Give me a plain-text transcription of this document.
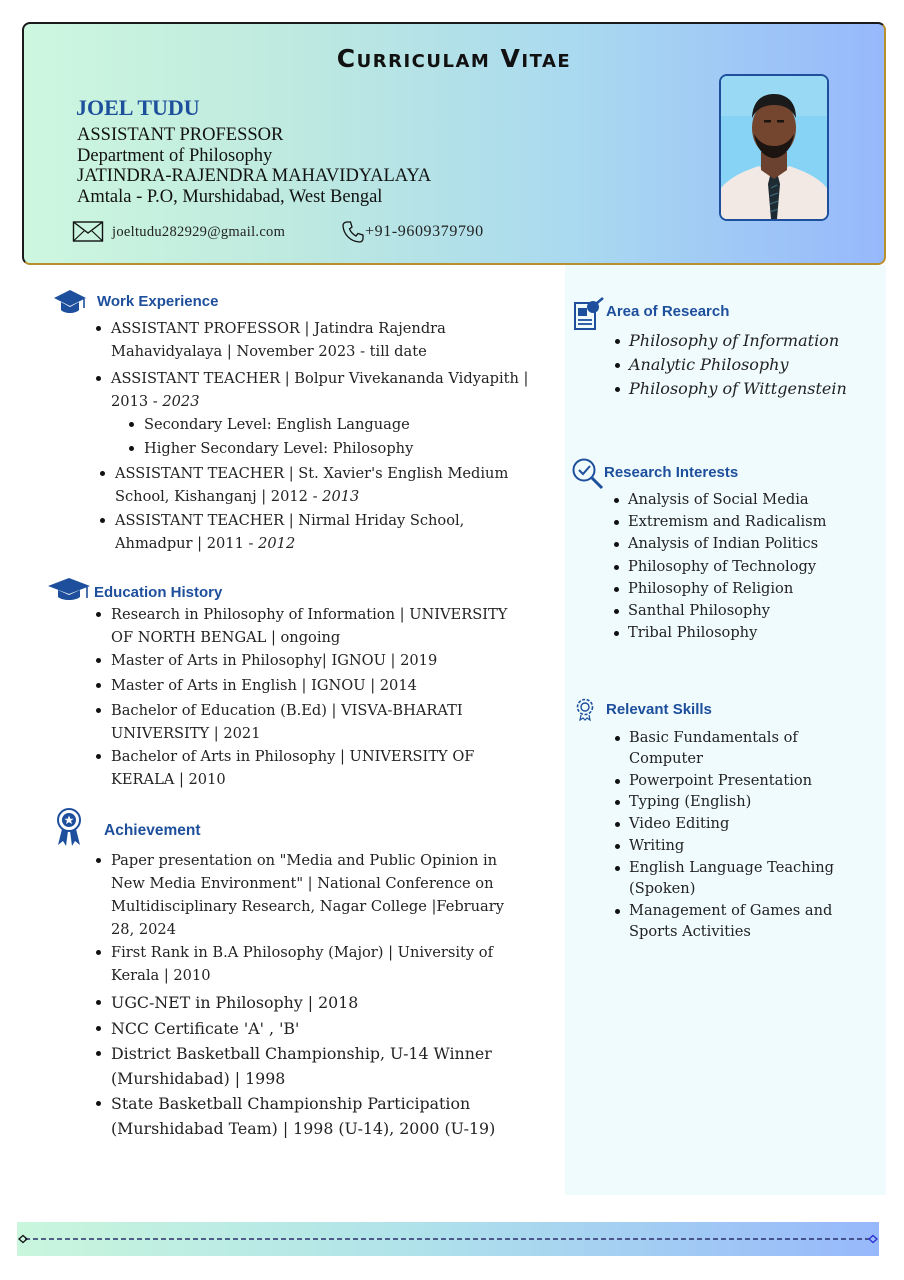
Curriculam Vitae
JOEL TUDU
ASSISTANT PROFESSOR
Department of Philosophy
JATINDRA-RAJENDRA MAHAVIDYALAYA
Amtala - P.O, Murshidabad, West Bengal
joeltudu282929@gmail.com	+91-9609379790
Work Experience
ASSISTANT PROFESSOR | Jatindra Rajendra
Mahavidyalaya | November 2023 - till date
ASSISTANT TEACHER | Bolpur Vivekananda Vidyapith |
2013 - 2023
Secondary Level: English Language
Higher Secondary Level: Philosophy
ASSISTANT TEACHER | St. Xavier's English Medium
School, Kishanganj | 2012 - 2013
ASSISTANT TEACHER | Nirmal Hriday School,
Ahmadpur | 2011 - 2012
Education History
Research in Philosophy of Information | UNIVERSITY
OF NORTH BENGAL | ongoing
Master of Arts in Philosophy| IGNOU | 2019
Master of Arts in English | IGNOU | 2014
Bachelor of Education (B.Ed) | VISVA-BHARATI
UNIVERSITY | 2021
Bachelor of Arts in Philosophy | UNIVERSITY OF
KERALA | 2010
Achievement
Paper presentation on "Media and Public Opinion in
New Media Environment" | National Conference on
Multidisciplinary Research, Nagar College |February
28, 2024
First Rank in B.A Philosophy (Major) | University of
Kerala | 2010
UGC-NET in Philosophy | 2018
NCC Certificate 'A' , 'B'
District Basketball Championship, U-14 Winner
(Murshidabad) | 1998
State Basketball Championship Participation
(Murshidabad Team) | 1998 (U-14), 2000 (U-19)
Area of Research
Philosophy of Information
Analytic Philosophy
Philosophy of Wittgenstein
Research Interests
Analysis of Social Media
Extremism and Radicalism
Analysis of Indian Politics
Philosophy of Technology
Philosophy of Religion
Santhal Philosophy
Tribal Philosophy
Relevant Skills
Basic Fundamentals of
Computer
Powerpoint Presentation
Typing (English)
Video Editing
Writing
English Language Teaching
(Spoken)
Management of Games and
Sports Activities
